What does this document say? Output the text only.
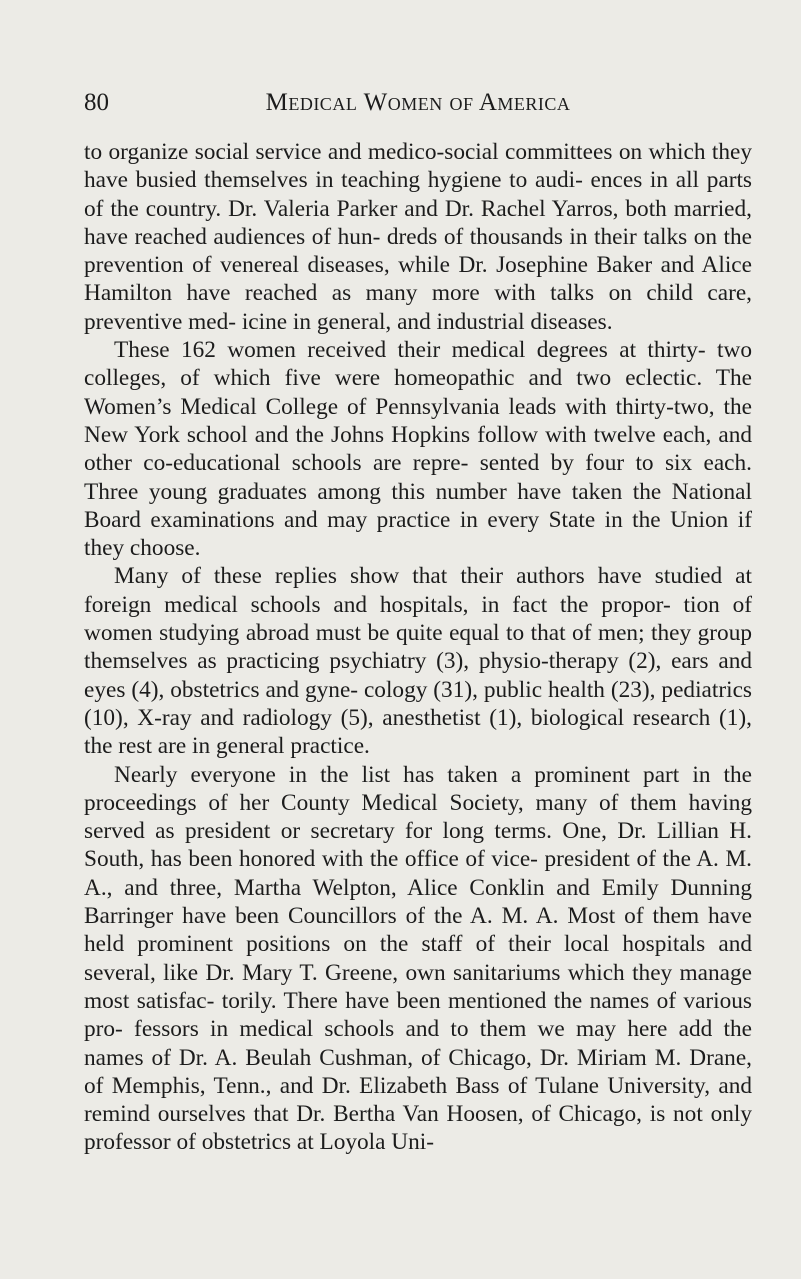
80	Medical Women of America

to organize social service and medico-social committees on which they have busied themselves in teaching hygiene to audi- ences in all parts of the country. Dr. Valeria Parker and Dr. Rachel Yarros, both married, have reached audiences of hun- dreds of thousands in their talks on the prevention of venereal diseases, while Dr. Josephine Baker and Alice Hamilton have reached as many more with talks on child care, preventive med- icine in general, and industrial diseases.

These 162 women received their medical degrees at thirty- two colleges, of which five were homeopathic and two eclectic. The Women’s Medical College of Pennsylvania leads with thirty-two, the New York school and the Johns Hopkins follow with twelve each, and other co-educational schools are repre- sented by four to six each. Three young graduates among this number have taken the National Board examinations and may practice in every State in the Union if they choose.

Many of these replies show that their authors have studied at foreign medical schools and hospitals, in fact the propor- tion of women studying abroad must be quite equal to that of men; they group themselves as practicing psychiatry (3), physio-therapy (2), ears and eyes (4), obstetrics and gyne- cology (31), public health (23), pediatrics (10), X-ray and radiology (5), anesthetist (1), biological research (1), the rest are in general practice.

Nearly everyone in the list has taken a prominent part in the proceedings of her County Medical Society, many of them having served as president or secretary for long terms. One, Dr. Lillian H. South, has been honored with the office of vice- president of the A. M. A., and three, Martha Welpton, Alice Conklin and Emily Dunning Barringer have been Councillors of the A. M. A. Most of them have held prominent positions on the staff of their local hospitals and several, like Dr. Mary T. Greene, own sanitariums which they manage most satisfac- torily. There have been mentioned the names of various pro- fessors in medical schools and to them we may here add the names of Dr. A. Beulah Cushman, of Chicago, Dr. Miriam M. Drane, of Memphis, Tenn., and Dr. Elizabeth Bass of Tulane University, and remind ourselves that Dr. Bertha Van Hoosen, of Chicago, is not only professor of obstetrics at Loyola Uni-
